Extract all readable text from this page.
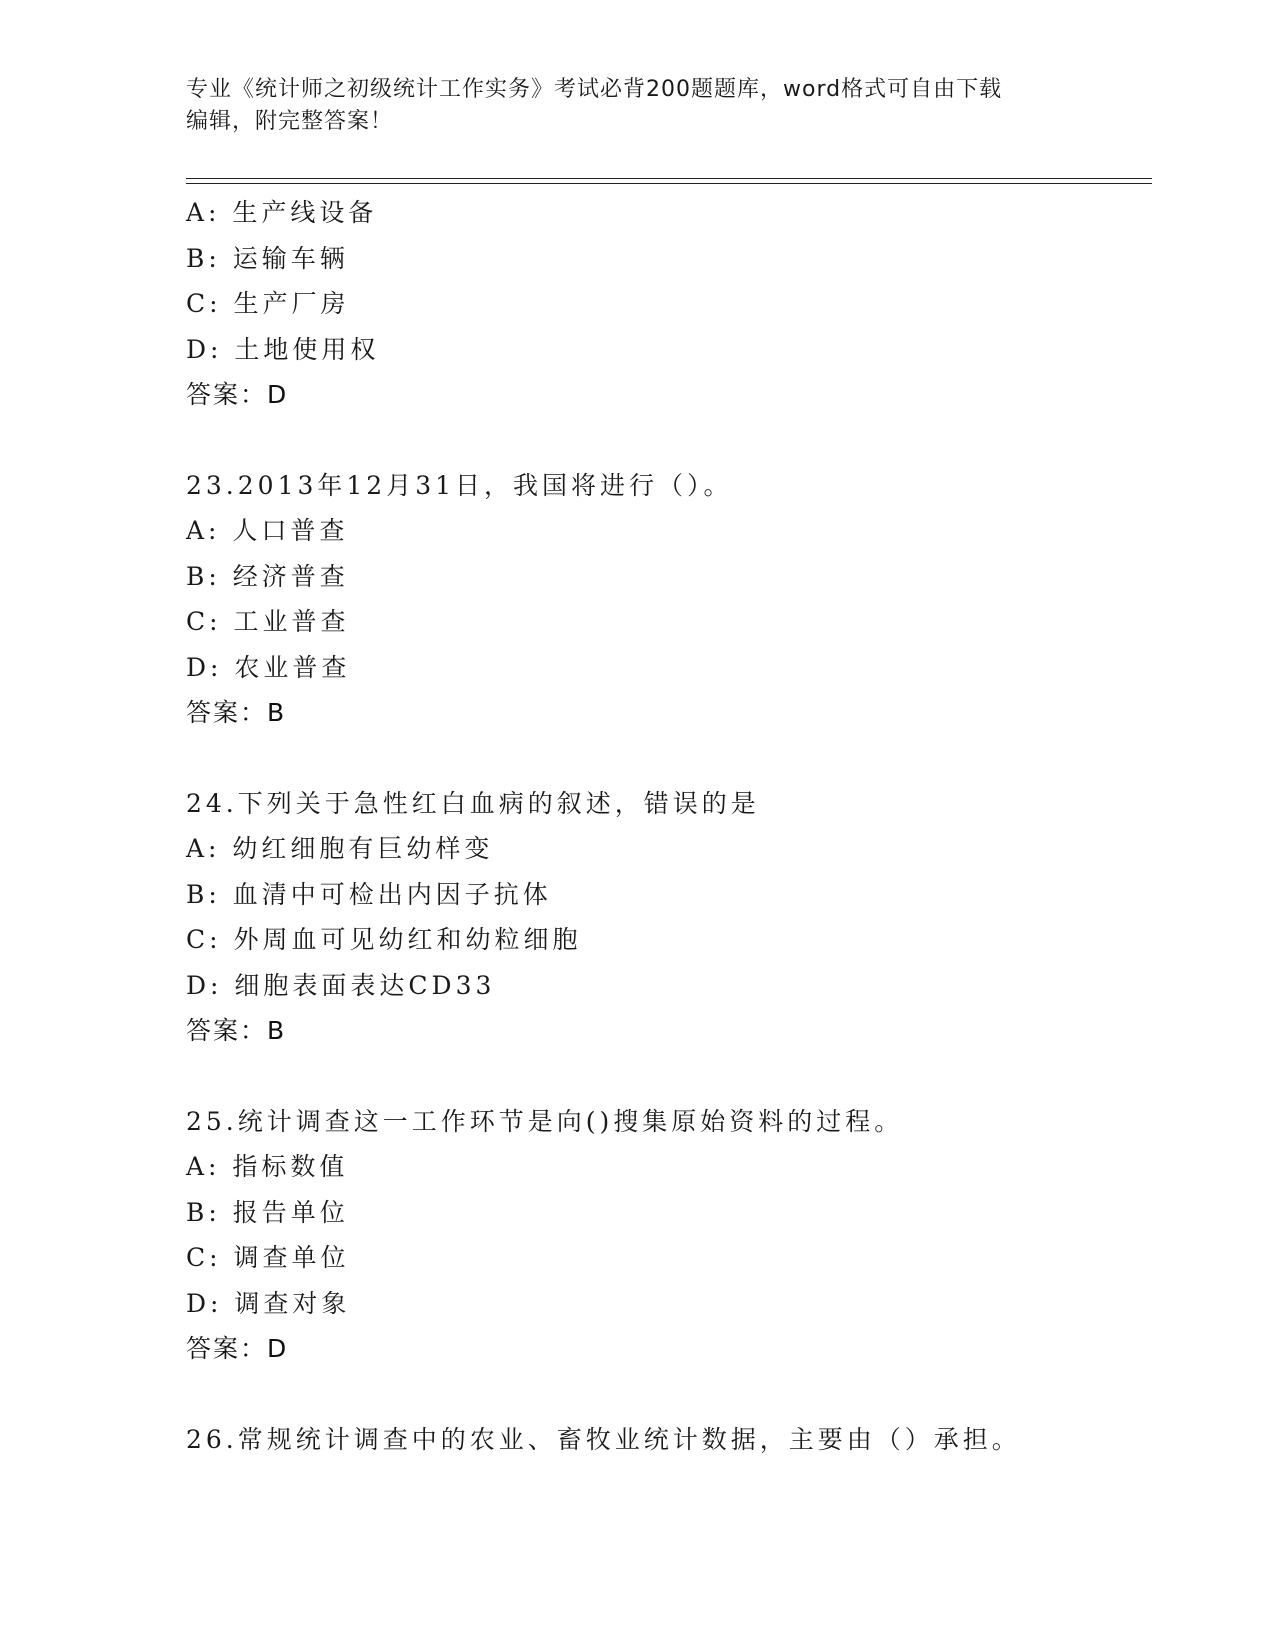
专业《统计师之初级统计工作实务》考试必背200题题库，word格式可自由下载
编辑，附完整答案！
A: 生产线设备
B: 运输车辆
C: 生产厂房
D: 土地使用权
答案：D
23.2013年12月31日，我国将进行（）。
A: 人口普查
B: 经济普查
C: 工业普查
D: 农业普查
答案：B
24.下列关于急性红白血病的叙述，错误的是
A: 幼红细胞有巨幼样变
B: 血清中可检出内因子抗体
C: 外周血可见幼红和幼粒细胞
D: 细胞表面表达CD33
答案：B
25.统计调查这一工作环节是向()搜集原始资料的过程。
A: 指标数值
B: 报告单位
C: 调查单位
D: 调查对象
答案：D
26.常规统计调查中的农业、畜牧业统计数据，主要由（）承担。
